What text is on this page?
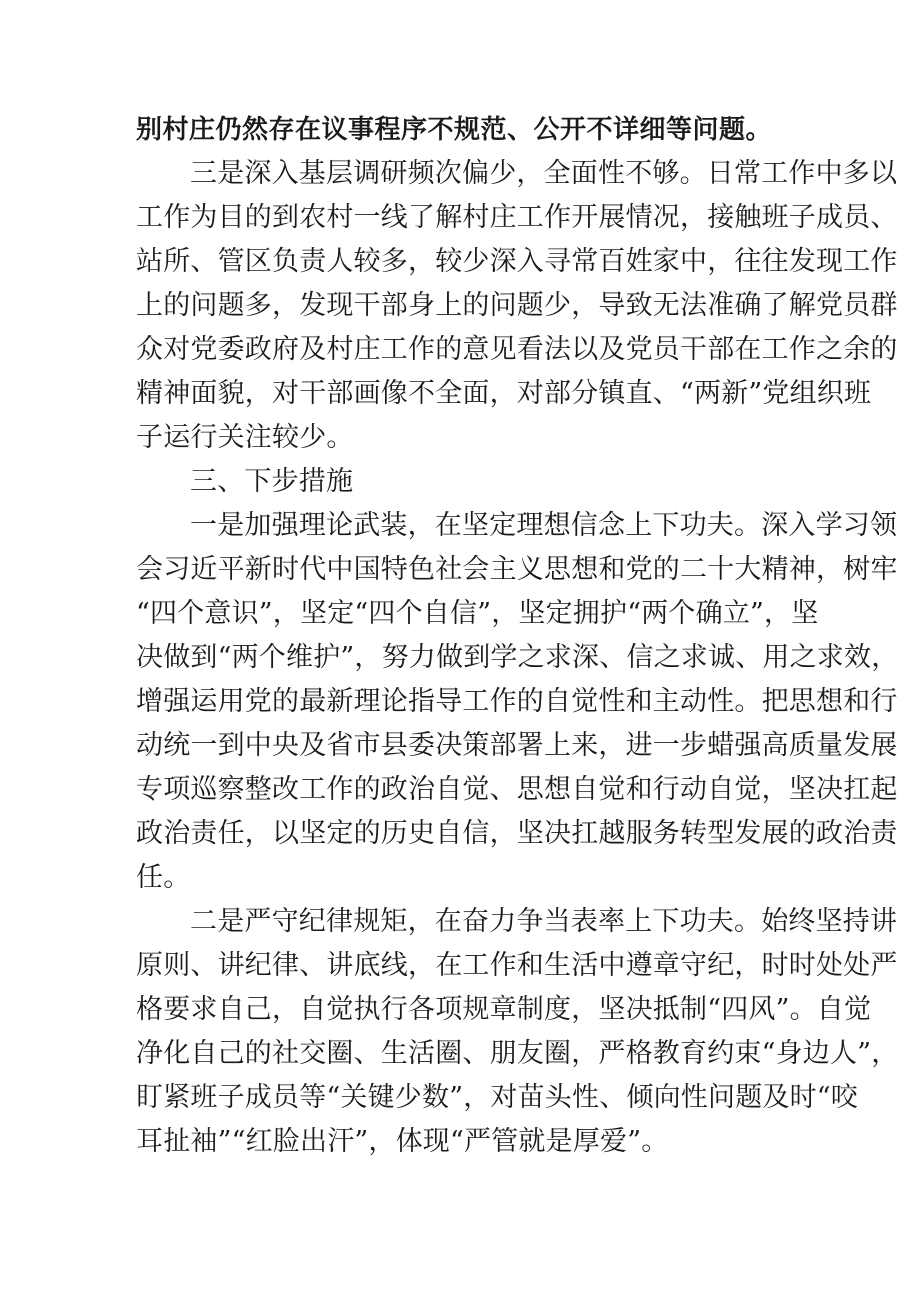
别村庄仍然存在议事程序不规范、公开不详细等问题。
三是深入基层调研频次偏少，全面性不够。日常工作中多以
工作为目的到农村一线了解村庄工作开展情况，接触班子成员、
站所、管区负责人较多，较少深入寻常百姓家中，往往发现工作
上的问题多，发现干部身上的问题少，导致无法准确了解党员群
众对党委政府及村庄工作的意见看法以及党员干部在工作之余的
精神面貌，对干部画像不全面，对部分镇直、“两新”党组织班
子运行关注较少。
三、下步措施
一是加强理论武装，在坚定理想信念上下功夫。深入学习领
会习近平新时代中国特色社会主义思想和党的二十大精神，树牢
“四个意识”，坚定“四个自信”，坚定拥护“两个确立”，坚
决做到“两个维护”，努力做到学之求深、信之求诚、用之求效，
增强运用党的最新理论指导工作的自觉性和主动性。把思想和行
动统一到中央及省市县委决策部署上来，进一步蜡强高质量发展
专项巡察整改工作的政治自觉、思想自觉和行动自觉，坚决扛起
政治责任，以坚定的历史自信，坚决扛越服务转型发展的政治责
任。
二是严守纪律规矩，在奋力争当表率上下功夫。始终坚持讲
原则、讲纪律、讲底线，在工作和生活中遵章守纪，时时处处严
格要求自己，自觉执行各项规章制度，坚决抵制“四风”。自觉
净化自己的社交圈、生活圈、朋友圈，严格教育约束“身边人”，
盯紧班子成员等“关键少数”，对苗头性、倾向性问题及时“咬
耳扯袖”“红脸出汗”，体现“严管就是厚爱”。
